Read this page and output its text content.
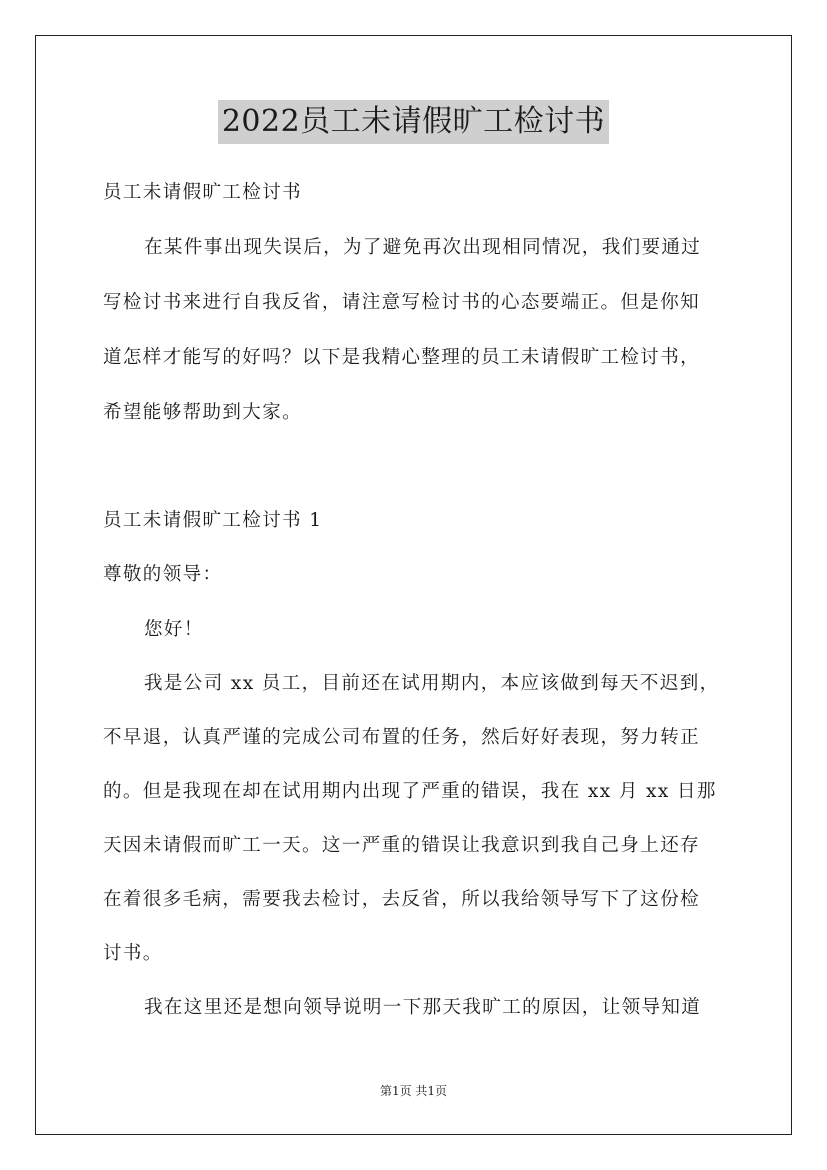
2022员工未请假旷工检讨书
员工未请假旷工检讨书
在某件事出现失误后，为了避免再次出现相同情况，我们要通过
写检讨书来进行自我反省，请注意写检讨书的心态要端正。但是你知
道怎样才能写的好吗？以下是我精心整理的员工未请假旷工检讨书，
希望能够帮助到大家。
员工未请假旷工检讨书 1
尊敬的领导：
您好！
我是公司 xx 员工，目前还在试用期内，本应该做到每天不迟到，
不早退，认真严谨的完成公司布置的任务，然后好好表现，努力转正
的。但是我现在却在试用期内出现了严重的错误，我在 xx 月 xx 日那
天因未请假而旷工一天。这一严重的错误让我意识到我自己身上还存
在着很多毛病，需要我去检讨，去反省，所以我给领导写下了这份检
讨书。
我在这里还是想向领导说明一下那天我旷工的原因，让领导知道
第1页 共1页
